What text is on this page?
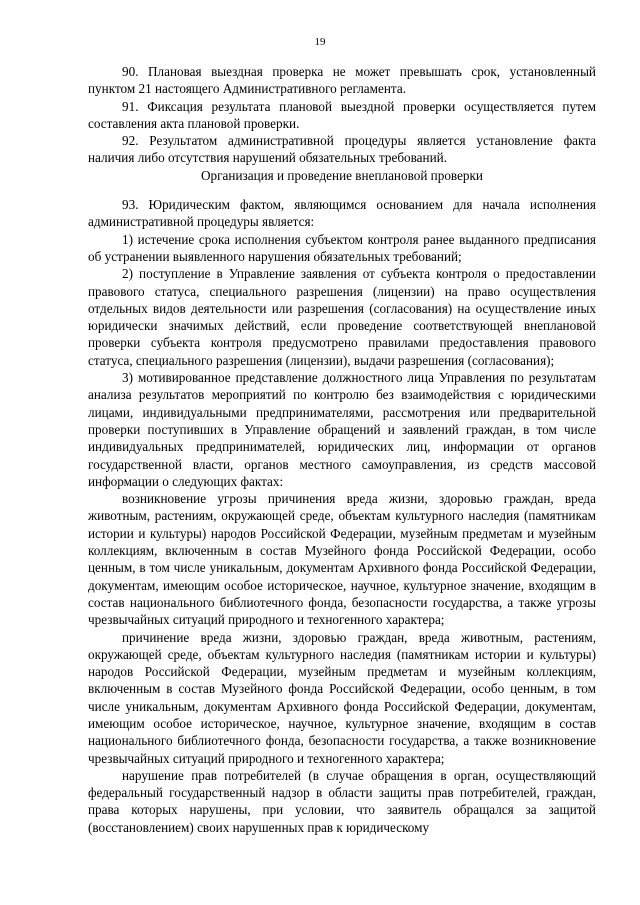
19

90. Плановая выездная проверка не может превышать срок, установленный пунктом 21 настоящего Административного регламента.

91. Фиксация результата плановой выездной проверки осуществляется путем составления акта плановой проверки.

92. Результатом административной процедуры является установление факта наличия либо отсутствия нарушений обязательных требований.

Организация и проведение внеплановой проверки

93. Юридическим фактом, являющимся основанием для начала исполнения административной процедуры является:

1) истечение срока исполнения субъектом контроля ранее выданного предписания об устранении выявленного нарушения обязательных требований;

2) поступление в Управление заявления от субъекта контроля о предоставлении правового статуса, специального разрешения (лицензии) на право осуществления отдельных видов деятельности или разрешения (согласования) на осуществление иных юридически значимых действий, если проведение соответствующей внеплановой проверки субъекта контроля предусмотрено правилами предоставления правового статуса, специального разрешения (лицензии), выдачи разрешения (согласования);

3) мотивированное представление должностного лица Управления по результатам анализа результатов мероприятий по контролю без взаимодействия с юридическими лицами, индивидуальными предпринимателями, рассмотрения или предварительной проверки поступивших в Управление обращений и заявлений граждан, в том числе индивидуальных предпринимателей, юридических лиц, информации от органов государственной власти, органов местного самоуправления, из средств массовой информации о следующих фактах:

возникновение угрозы причинения вреда жизни, здоровью граждан, вреда животным, растениям, окружающей среде, объектам культурного наследия (памятникам истории и культуры) народов Российской Федерации, музейным предметам и музейным коллекциям, включенным в состав Музейного фонда Российской Федерации, особо ценным, в том числе уникальным, документам Архивного фонда Российской Федерации, документам, имеющим особое историческое, научное, культурное значение, входящим в состав национального библиотечного фонда, безопасности государства, а также угрозы чрезвычайных ситуаций природного и техногенного характера;

причинение вреда жизни, здоровью граждан, вреда животным, растениям, окружающей среде, объектам культурного наследия (памятникам истории и культуры) народов Российской Федерации, музейным предметам и музейным коллекциям, включенным в состав Музейного фонда Российской Федерации, особо ценным, в том числе уникальным, документам Архивного фонда Российской Федерации, документам, имеющим особое историческое, научное, культурное значение, входящим в состав национального библиотечного фонда, безопасности государства, а также возникновение чрезвычайных ситуаций природного и техногенного характера;

нарушение прав потребителей (в случае обращения в орган, осуществляющий федеральный государственный надзор в области защиты прав потребителей, граждан, права которых нарушены, при условии, что заявитель обращался за защитой (восстановлением) своих нарушенных прав к юридическому
